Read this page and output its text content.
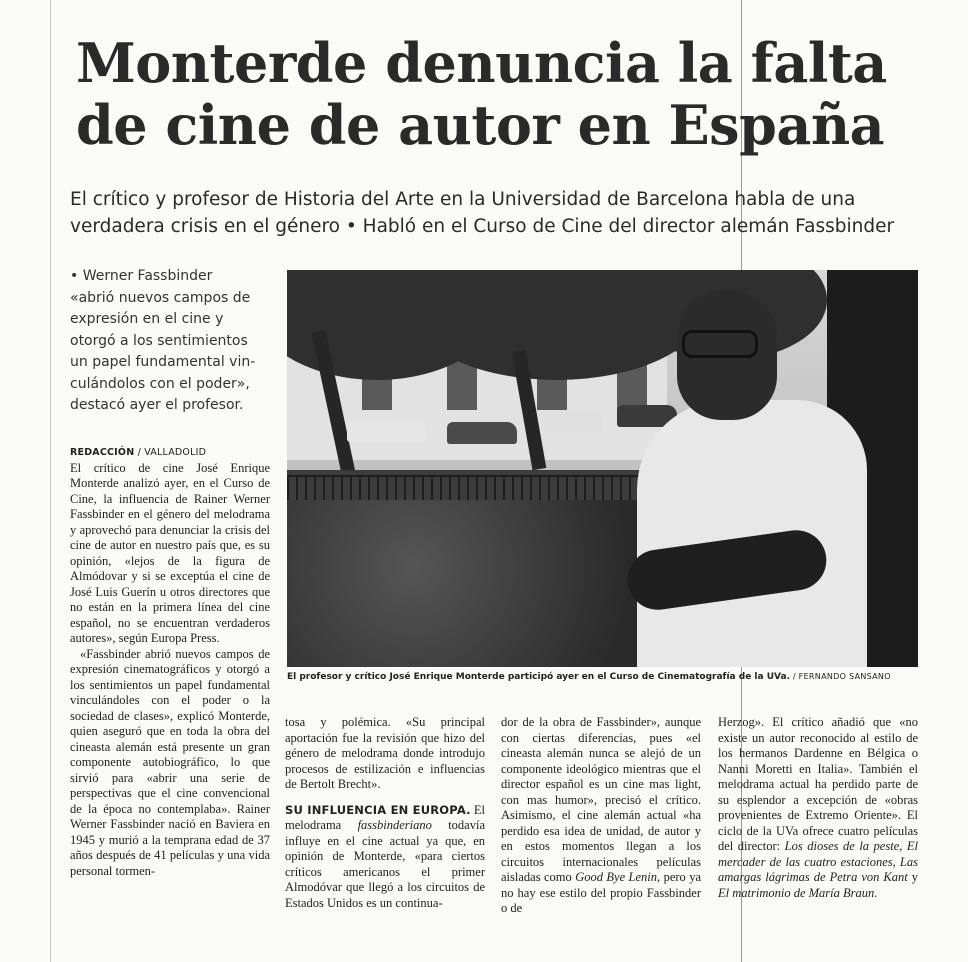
Monterde denuncia la falta
de cine de autor en España

El crítico y profesor de Historia del Arte en la Universidad de Barcelona habla de una
verdadera crisis en el género • Habló en el Curso de Cine del director alemán Fassbinder

• Werner Fassbinder
«abrió nuevos campos de
expresión en el cine y
otorgó a los sentimientos
un papel fundamental vin-
culándolos con el poder»,
destacó ayer el profesor.

REDACCIÓN / VALLADOLID

El crítico de cine José Enrique Monterde analizó ayer, en el Curso de Cine, la influencia de Rainer Werner Fassbinder en el género del melodrama y aprovechó para denunciar la crisis del cine de autor en nuestro país que, es su opinión, «lejos de la figura de Almódovar y si se exceptúa el cine de José Luis Guerín u otros directores que no están en la primera línea del cine español, no se encuentran verdaderos autores», según Europa Press.

«Fassbinder abrió nuevos campos de expresión cinematográficos y otorgó a los sentimientos un papel fundamental vinculándoles con el poder o la sociedad de clases», explicó Monterde, quien aseguró que en toda la obra del cineasta alemán está presente un gran componente autobiográfico, lo que sirvió para «abrir una serie de perspectivas que el cine convencional de la época no contemplaba». Rainer Werner Fassbinder nació en Baviera en 1945 y murió a la temprana edad de 37 años después de 41 películas y una vida personal tormen-

El profesor y crítico José Enrique Monterde participó ayer en el Curso de Cinematografía de la UVa. / FERNANDO SANSANO

tosa y polémica. «Su principal aportación fue la revisión que hizo del género de melodrama donde introdujo procesos de estilización e influencias de Bertolt Brecht».

SU INFLUENCIA EN EUROPA. El melodrama fassbinderiano todavía influye en el cine actual ya que, en opinión de Monterde, «para ciertos críticos americanos el primer Almodóvar que llegó a los circuitos de Estados Unidos es un continua-

dor de la obra de Fassbinder», aunque con ciertas diferencias, pues «el cineasta alemán nunca se alejó de un componente ideológico mientras que el director español es un cine mas light, con mas humor», precisó el crítico. Asimismo, el cine alemán actual «ha perdido esa idea de unidad, de autor y en estos momentos llegan a los circuitos internacionales películas aisladas como Good Bye Lenin, pero ya no hay ese estilo del propio Fassbinder o de

Herzog». El crítico añadió que «no existe un autor reconocido al estilo de los hermanos Dardenne en Bélgica o Nanni Moretti en Italia». También el melodrama actual ha perdido parte de su esplendor a excepción de «obras provenientes de Extremo Oriente». El ciclo de la UVa ofrece cuatro películas del director: Los dioses de la peste, El mercader de las cuatro estaciones, Las amargas lágrimas de Petra von Kant y El matrimonio de María Braun.
